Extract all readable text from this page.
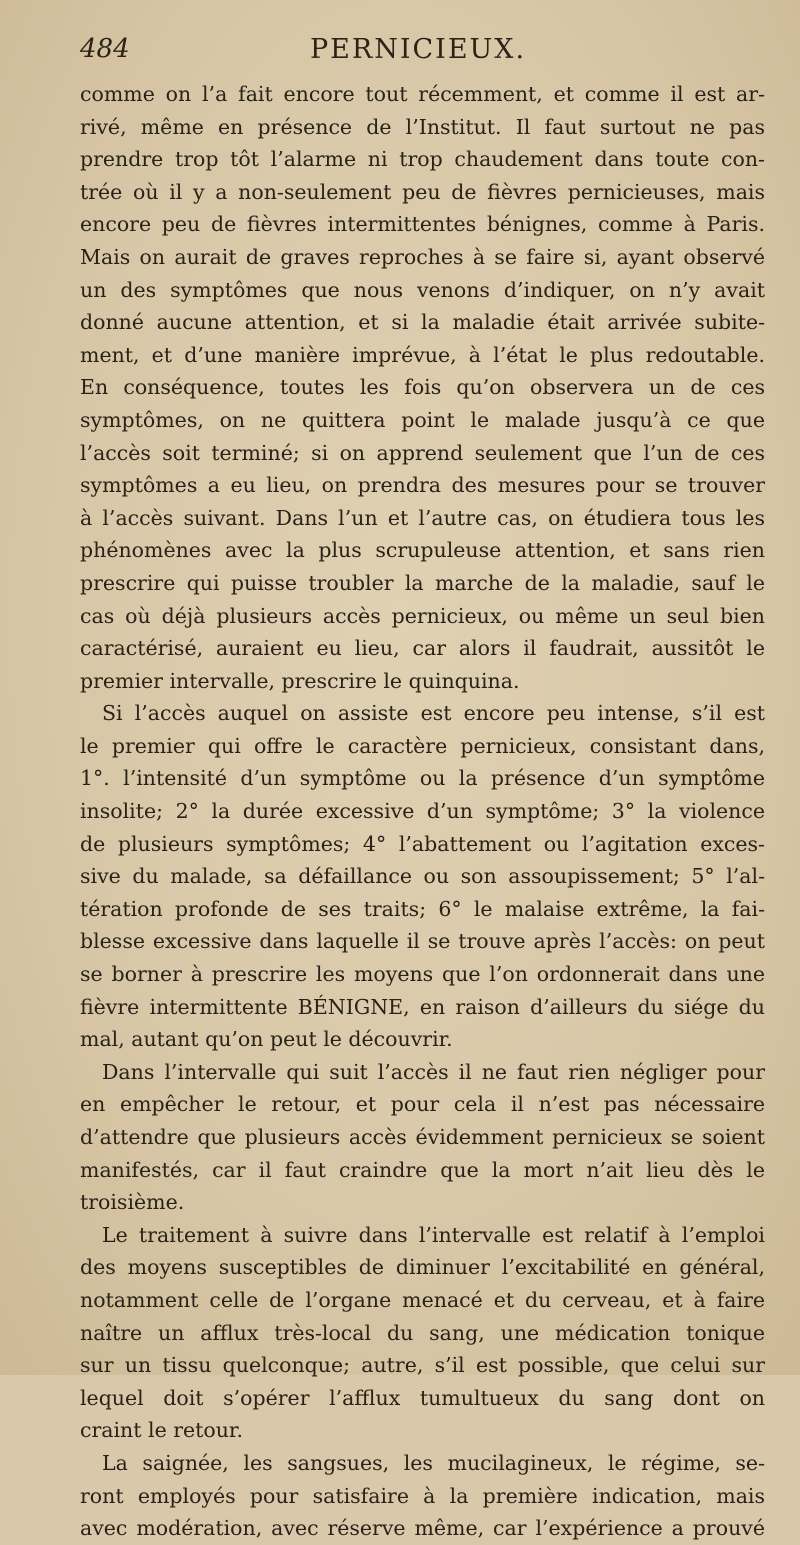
484	PERNICIEUX.
comme on l’a fait encore tout récemment, et comme il est ar-
rivé, même en présence de l’Institut. Il faut surtout ne pas
prendre trop tôt l’alarme ni trop chaudement dans toute con-
trée où il y a non-seulement peu de fièvres pernicieuses, mais
encore peu de fièvres intermittentes bénignes, comme à Paris.
Mais on aurait de graves reproches à se faire si, ayant observé
un des symptômes que nous venons d’indiquer, on n’y avait
donné aucune attention, et si la maladie était arrivée subite-
ment, et d’une manière imprévue, à l’état le plus redoutable.
En conséquence, toutes les fois qu’on observera un de ces
symptômes, on ne quittera point le malade jusqu’à ce que
l’accès soit terminé; si on apprend seulement que l’un de ces
symptômes a eu lieu, on prendra des mesures pour se trouver
à l’accès suivant. Dans l’un et l’autre cas, on étudiera tous les
phénomènes avec la plus scrupuleuse attention, et sans rien
prescrire qui puisse troubler la marche de la maladie, sauf le
cas où déjà plusieurs accès pernicieux, ou même un seul bien
caractérisé, auraient eu lieu, car alors il faudrait, aussitôt le
premier intervalle, prescrire le quinquina.
Si l’accès auquel on assiste est encore peu intense, s’il est
le premier qui offre le caractère pernicieux, consistant dans,
1°. l’intensité d’un symptôme ou la présence d’un symptôme
insolite; 2° la durée excessive d’un symptôme; 3° la violence
de plusieurs symptômes; 4° l’abattement ou l’agitation exces-
sive du malade, sa défaillance ou son assoupissement; 5° l’al-
tération profonde de ses traits; 6° le malaise extrême, la fai-
blesse excessive dans laquelle il se trouve après l’accès: on peut
se borner à prescrire les moyens que l’on ordonnerait dans une
fièvre intermittente BÉNIGNE, en raison d’ailleurs du siége du
mal, autant qu’on peut le découvrir.
Dans l’intervalle qui suit l’accès il ne faut rien négliger pour
en empêcher le retour, et pour cela il n’est pas nécessaire
d’attendre que plusieurs accès évidemment pernicieux se soient
manifestés, car il faut craindre que la mort n’ait lieu dès le
troisième.
Le traitement à suivre dans l’intervalle est relatif à l’emploi
des moyens susceptibles de diminuer l’excitabilité en général,
notamment celle de l’organe menacé et du cerveau, et à faire
naître un afflux très-local du sang, une médication tonique
sur un tissu quelconque; autre, s’il est possible, que celui sur
lequel doit s’opérer l’afflux tumultueux du sang dont on
craint le retour.
La saignée, les sangsues, les mucilagineux, le régime, se-
ront employés pour satisfaire à la première indication, mais
avec modération, avec réserve même, car l’expérience a prouvé
